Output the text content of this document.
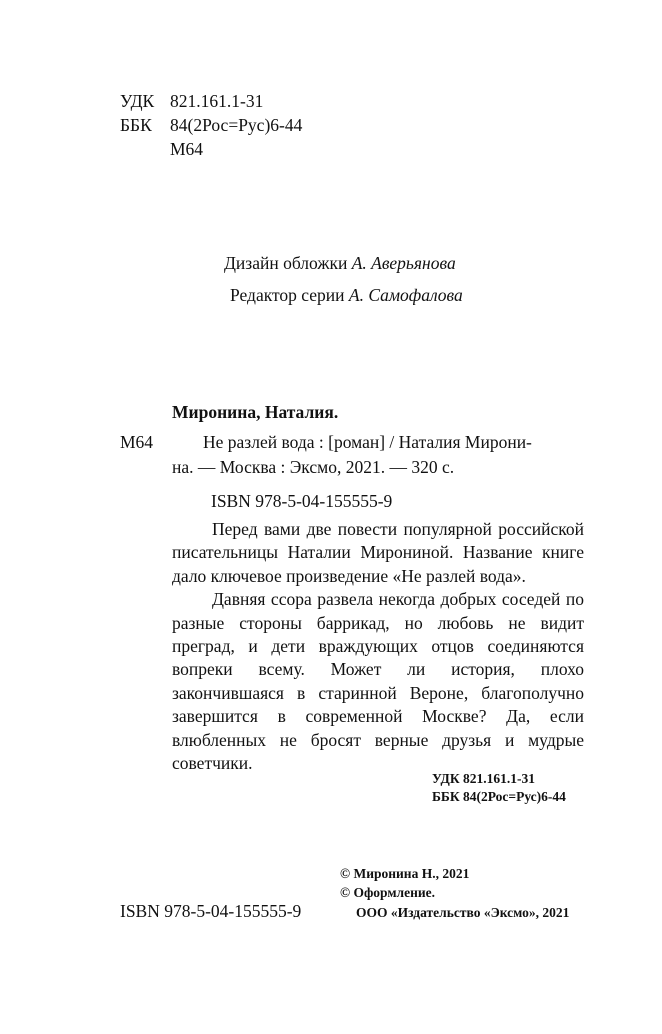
УДК 821.161.1-31
ББК 84(2Рос=Рус)6-44
М64
Дизайн обложки А. Аверьянова
Редактор серии А. Самофалова
Миронина, Наталия.
М64	Не разлей вода : [роман] / Наталия Мирони-
на. — Москва : Эксмо, 2021. — 320 с.
ISBN 978-5-04-155555-9

Перед вами две повести популярной российской писательницы Наталии Мирониной. Название книге дало ключевое произведение «Не разлей вода».

Давняя ссора развела некогда добрых соседей по разные стороны баррикад, но любовь не видит преград, и дети враждующих отцов соединяются вопреки всему. Может ли история, плохо закончившаяся в старинной Вероне, благополучно завершится в современной Москве? Да, если влюбленных не бросят верные друзья и мудрые советчики.

УДК 821.161.1-31
ББК 84(2Рос=Рус)6-44
© Миронина Н., 2021
© Оформление.
ООО «Издательство «Эксмо», 2021
ISBN 978-5-04-155555-9
